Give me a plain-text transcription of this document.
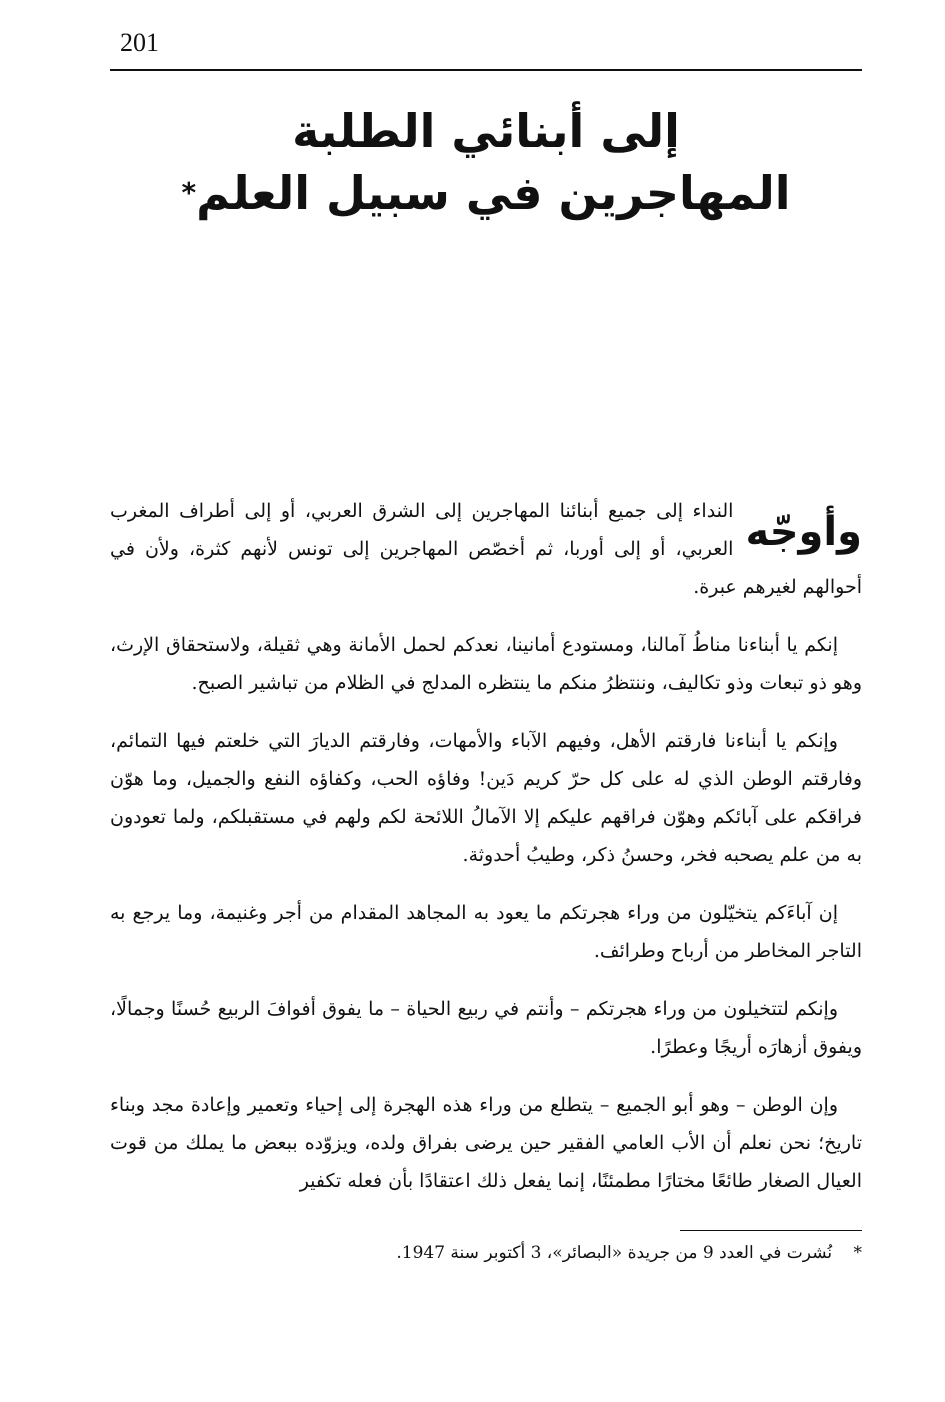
201
إلى أبنائي الطلبة
المهاجرين في سبيل العلم*

وأوجّه
النداء إلى جميع أبنائنا المهاجرين إلى الشرق العربي، أو إلى أطراف المغرب العربي، أو إلى أوربا، ثم أخصّص المهاجرين إلى تونس لأنهم كثرة، ولأن في أحوالهم لغيرهم عبرة.

إنكم يا أبناءنا مناطُ آمالنا، ومستودع أمانينا، نعدكم لحمل الأمانة وهي ثقيلة، ولاستحقاق الإرث، وهو ذو تبعات وذو تكاليف، وننتظرُ منكم ما ينتظره المدلج في الظلام من تباشير الصبح.

وإنكم يا أبناءنا فارقتم الأهل، وفيهم الآباء والأمهات، وفارقتم الديارَ التي خلعتم فيها التمائم، وفارقتم الوطن الذي له على كل حرّ كريم دَين! وفاؤه الحب، وكفاؤه النفع والجميل، وما هوّن فراقكم على آبائكم وهوّن فراقهم عليكم إلا الآمالُ اللائحة لكم ولهم في مستقبلكم، ولما تعودون به من علم يصحبه فخر، وحسنُ ذكر، وطيبُ أحدوثة.

إن آباءَكم يتخيّلون من وراء هجرتكم ما يعود به المجاهد المقدام من أجر وغنيمة، وما يرجع به التاجر المخاطر من أرباح وطرائف.

وإنكم لتتخيلون من وراء هجرتكم – وأنتم في ربيع الحياة – ما يفوق أفوافَ الربيع حُسنًا وجمالًا، ويفوق أزهارَه أريجًا وعطرًا.

وإن الوطن – وهو أبو الجميع – يتطلع من وراء هذه الهجرة إلى إحياء وتعمير وإعادة مجد وبناء تاريخ؛ نحن نعلم أن الأب العامي الفقير حين يرضى بفراق ولده، ويزوّده ببعض ما يملك من قوت العيال الصغار طائعًا مختارًا مطمئنًا، إنما يفعل ذلك اعتقادًا بأن فعله تكفير

* نُشرت في العدد 9 من جريدة «البصائر»، 3 أكتوبر سنة 1947.
